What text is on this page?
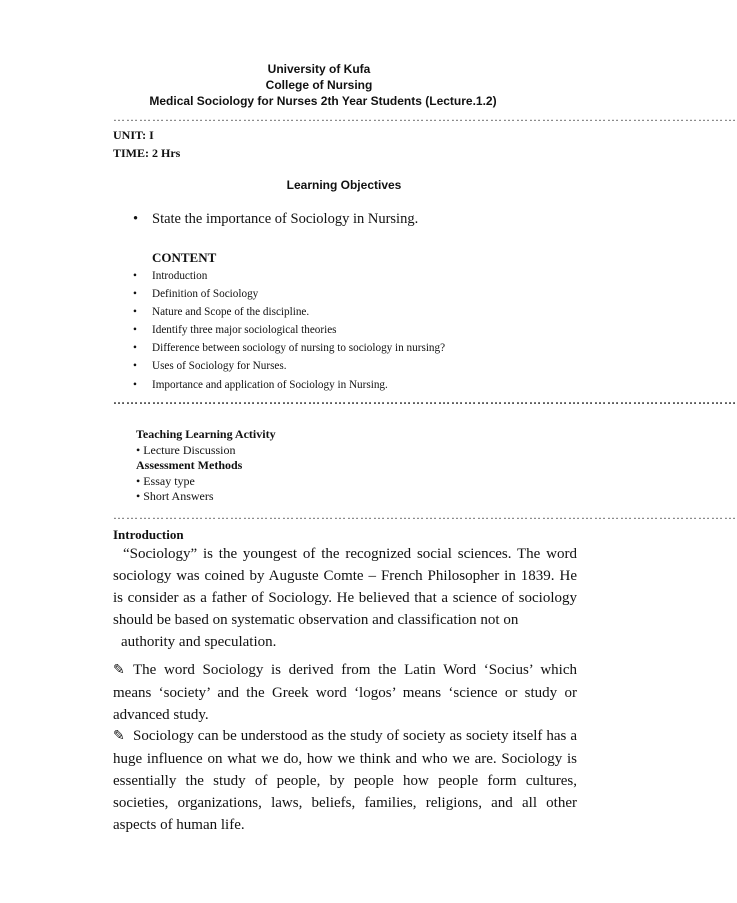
University of Kufa
College of Nursing
Medical Sociology for Nurses 2th Year Students (Lecture.1.2)
………………………………………………………………………………………………………………………………
UNIT: I
TIME: 2 Hrs
Learning Objectives
• State the importance of Sociology in Nursing.
CONTENT
• Introduction
• Definition of Sociology
• Nature and Scope of the discipline.
• Identify three major sociological theories
• Difference between sociology of nursing to sociology in nursing?
• Uses of Sociology for Nurses.
• Importance and application of Sociology in Nursing.
………………………………………………………………………………………………………………………………
Teaching Learning Activity
• Lecture Discussion
Assessment Methods
• Essay type
• Short Answers
………………………………………………………………………………………………………………………………
Introduction

“Sociology” is the youngest of the recognized social sciences. The word sociology was coined by Auguste Comte – French Philosopher in 1839. He is consider as a father of Sociology. He believed that a science of sociology should be based on systematic observation and classification not on

authority and speculation.

✎ The word Sociology is derived from the Latin Word ‘Socius’ which means ‘society’ and the Greek word ‘logos’ means ‘science or study or advanced study.

✎ Sociology can be understood as the study of society as society itself has a huge influence on what we do, how we think and who we are. Sociology is essentially the study of people, by people how people form cultures, societies, organizations, laws, beliefs, families, religions, and all other aspects of human life.
